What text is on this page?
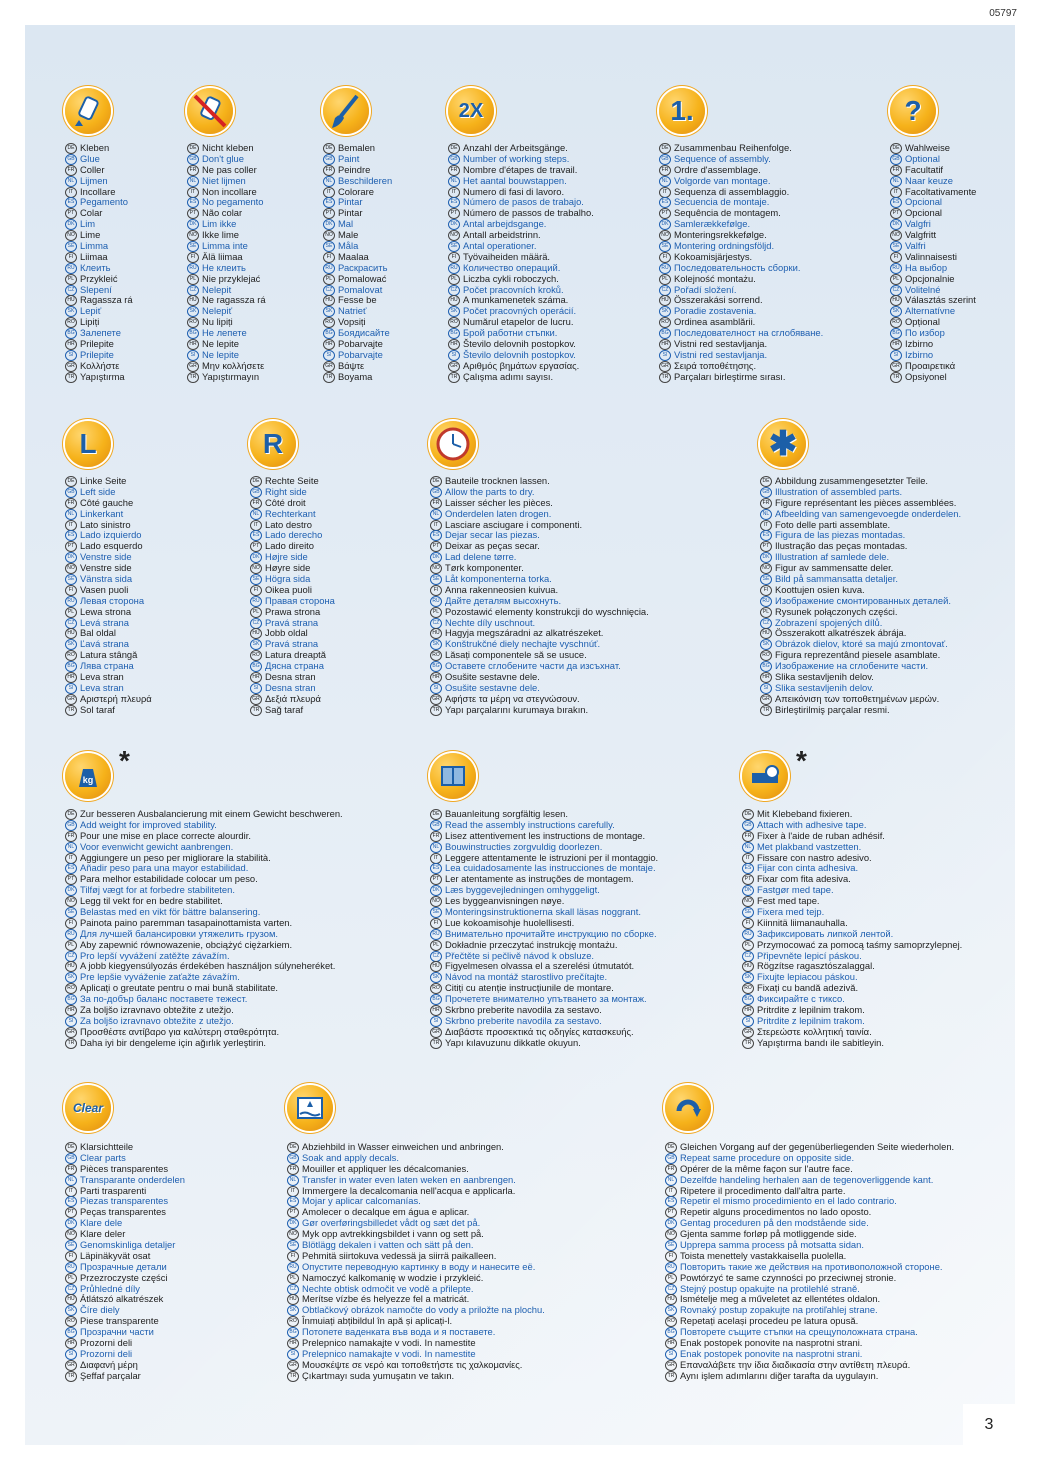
05797
3
DE Kleben
GB Glue
FR Coller
NL Lijmen
IT Incollare
ES Pegamento
PT Colar
DK Lim
NO Lime
SE Limma
FI Liimaa
RU Клеить
PL Przykleić
CZ Slepení
HU Ragassza rá
SK Lepiť
RO Lipiți
BG Залепете
HR Prilepite
SI Prilepite
GR Κολλήστε
TR Yapıştırma
DE Nicht kleben
GB Don't glue
FR Ne pas coller
NL Niet lijmen
IT Non incollare
ES No pegamento
PT Não colar
DK Lim ikke
NO Ikke lime
SE Limma inte
FI Älä liimaa
RU Не клеить
PL Nie przyklejać
CZ Nelepit
HU Ne ragassza rá
SK Nelepiť
RO Nu lipiți
BG Не лепете
HR Ne lepite
SI Ne lepite
GR Μην κολλήσετε
TR Yapıştırmayın
DE Bemalen
GB Paint
FR Peindre
NL Beschilderen
IT Colorare
ES Pintar
PT Pintar
DK Mal
NO Male
SE Måla
FI Maalaa
RU Раскрасить
PL Pomalować
CZ Pomalovat
HU Fesse be
SK Natrieť
RO Vopsiți
BG Боядисайте
HR Pobarvajte
SI Pobarvajte
GR Βάψτε
TR Boyama
2X
DE Anzahl der Arbeitsgänge.
GB Number of working steps.
FR Nombre d'étapes de travail.
NL Het aantal bouwstappen.
IT Numero di fasi di lavoro.
ES Número de pasos de trabajo.
PT Número de passos de trabalho.
DK Antal arbejdsgange.
NO Antall arbeidstrinn.
SE Antal operationer.
FI Työvaiheiden määrä.
RU Количество операций.
PL Liczba cykli roboczych.
CZ Počet pracovních kroků.
HU A munkamenetek száma.
SK Počet pracovných operácií.
RO Numărul etapelor de lucru.
BG Брой работни стъпки.
HR Število delovnih postopkov.
SI Število delovnih postopkov.
GR Αριθμός βημάτων εργασίας.
TR Çalışma adımı sayısı.
1.
DE Zusammenbau Reihenfolge.
GB Sequence of assembly.
FR Ordre d'assemblage.
NL Volgorde van montage.
IT Sequenza di assemblaggio.
ES Secuencia de montaje.
PT Sequência de montagem.
DK Samlerækkefølge.
NO Monteringsrekkefølge.
SE Montering ordningsföljd.
FI Kokoamisjärjestys.
RU Последовательность сборки.
PL Kolejność montażu.
CZ Pořadí složení.
HU Összerakási sorrend.
SK Poradie zostavenia.
RO Ordinea asamblării.
BG Последователност на сглобяване.
HR Vistni red sestavljanja.
SI Vistni red sestavljanja.
GR Σειρά τοποθέτησης.
TR Parçaları birleştirme sırası.
?
DE Wahlweise
GB Optional
FR Facultatif
NL Naar keuze
IT Facoltativamente
ES Opcional
PT Opcional
DK Valgfri
NO Valgfritt
SE Valfri
FI Valinnaisesti
RU На выбор
PL Opcjonalnie
CZ Volitelné
HU Választás szerint
SK Alternatívne
RO Opțional
BG По избор
HR Izbirno
SI Izbirno
GR Προαιρετικά
TR Opsiyonel
L
DE Linke Seite
GB Left side
FR Côté gauche
NL Linkerkant
IT Lato sinistro
ES Lado izquierdo
PT Lado esquerdo
DK Venstre side
NO Venstre side
SE Vänstra sida
FI Vasen puoli
RU Левая сторона
PL Lewa strona
CZ Levá strana
HU Bal oldal
SK Ľavá strana
RO Latura stângă
BG Лява страна
HR Leva stran
SI Leva stran
GR Αριστερή πλευρά
TR Sol taraf
R
DE Rechte Seite
GB Right side
FR Côté droit
NL Rechterkant
IT Lato destro
ES Lado derecho
PT Lado direito
DK Højre side
NO Høyre side
SE Högra sida
FI Oikea puoli
RU Правая сторона
PL Prawa strona
CZ Pravá strana
HU Jobb oldal
SK Pravá strana
RO Latura dreaptă
BG Дясна страна
HR Desna stran
SI Desna stran
GR Δεξιά πλευρά
TR Sağ taraf
DE Bauteile trocknen lassen.
GB Allow the parts to dry.
FR Laisser sécher les pièces.
NL Onderdelen laten drogen.
IT Lasciare asciugare i componenti.
ES Dejar secar las piezas.
PT Deixar as peças secar.
DK Lad delene tørre.
NO Tørk komponenter.
SE Låt komponenterna torka.
FI Anna rakenneosien kuivua.
RU Дайте деталям высохнуть.
PL Pozostawić elementy konstrukcji do wyschnięcia.
CZ Nechte díly uschnout.
HU Hagyja megszáradni az alkatrészeket.
SK Konštrukčné diely nechajte vyschnúť.
RO Lăsați componentele să se usuce.
BG Оставете сглобените части да изсъхнат.
HR Osušite sestavne dele.
SI Osušite sestavne dele.
GR Αφήστε τα μέρη να στεγνώσουν.
TR Yapı parçalarını kurumaya bırakın.
✱
DE Abbildung zusammengesetzter Teile.
GB Illustration of assembled parts.
FR Figure représentant les pièces assemblées.
NL Afbeelding van samengevoegde onderdelen.
IT Foto delle parti assemblate.
ES Figura de las piezas montadas.
PT Ilustração das peças montadas.
DK Illustration af samlede dele.
NO Figur av sammensatte deler.
SE Bild på sammansatta detaljer.
FI Koottujen osien kuva.
RU Изображение смонтированных деталей.
PL Rysunek połączonych części.
CZ Zobrazení spojených dílů.
HU Összerakott alkatrészek ábrája.
SK Obrázok dielov, ktoré sa majú zmontovať.
RO Figura reprezentând piesele asamblate.
BG Изображение на сглобените части.
HR Slika sestavljenih delov.
SI Slika sestavljenih delov.
GR Απεικόνιση των τοποθετημένων μερών.
TR Birleştirilmiş parçalar resmi.
kg
*
DE Zur besseren Ausbalancierung mit einem Gewicht beschweren.
GB Add weight for improved stability.
FR Pour une mise en place correcte alourdir.
NL Voor evenwicht gewicht aanbrengen.
IT Aggiungere un peso per migliorare la stabilità.
ES Añadir peso para una mayor estabilidad.
PT Para melhor estabilidade colocar um peso.
DK Tilføj vægt for at forbedre stabiliteten.
NO Legg til vekt for en bedre stabilitet.
SE Belastas med en vikt för bättre balansering.
FI Painota paino paremman tasapainottamista varten.
RU Для лучшей балансировки утяжелить грузом.
PL Aby zapewnić równowazenie, obciążyć ciężarkiem.
CZ Pro lepší vyvážení zatěžte závažím.
HU A jobb kiegyensúlyozás érdekében használjon súlyneheréket.
SK Pre lepšie vyváženie zaťažte závažím.
RO Aplicați o greutate pentru o mai bună stabilitate.
BG За по-добър баланс поставете тежест.
HR Za boljšo izravnavo obtežite z utežjo.
SI Za boljšo izravnavo obtežite z utežjo.
GR Προσθέστε αντίβαρο για καλύτερη σταθερότητα.
TR Daha iyi bir dengeleme için ağırlık yerleştirin.
DE Bauanleitung sorgfältig lesen.
GB Read the assembly instructions carefully.
FR Lisez attentivement les instructions de montage.
NL Bouwinstructies zorgvuldig doorlezen.
IT Leggere attentamente le istruzioni per il montaggio.
ES Lea cuidadosamente las instrucciones de montaje.
PT Ler atentamente as instruções de montagem.
DK Læs byggevejledningen omhyggeligt.
NO Les byggeanvisningen nøye.
SE Monteringsinstruktionerna skall läsas noggrant.
FI Lue kokoamisohje huolellisesti.
RU Внимательно прочитайте инструкцию по сборке.
PL Dokładnie przeczytać instrukcję montażu.
CZ Přečtěte si pečlivě návod k obsluze.
HU Figyelmesen olvassa el a szerelési útmutatót.
SK Návod na montáž starostlivo prečítajte.
RO Citiți cu atenție instrucțiunile de montare.
BG Прочетете внимателно упътването за монтаж.
HR Skrbno preberite navodila za sestavo.
SI Skrbno preberite navodila za sestavo.
GR Διαβάστε προσεκτικά τις οδηγίες κατασκευής.
TR Yapı kılavuzunu dikkatle okuyun.
*
DE Mit Klebeband fixieren.
GB Attach with adhesive tape.
FR Fixer à l'aide de ruban adhésif.
NL Met plakband vastzetten.
IT Fissare con nastro adesivo.
ES Fijar con cinta adhesiva.
PT Fixar com fita adesiva.
DK Fastgør med tape.
NO Fest med tape.
SE Fixera med tejp.
FI Kiinnitä liimanauhalla.
RU Зафиксировать липкой лентой.
PL Przymocować za pomocą taśmy samoprzylepnej.
CZ Připevněte lepicí páskou.
HU Rögzítse ragasztószalaggal.
SK Fixujte lepiacou páskou.
RO Fixați cu bandă adezivă.
BG Фиксирайте с тиксо.
HR Pritrdite z lepilnim trakom.
SI Pritrdite z lepilnim trakom.
GR Στερεώστε κολλητική ταινία.
TR Yapıştırma bandı ile sabitleyin.
Clear
DE Klarsichtteile
GB Clear parts
FR Pièces transparentes
NL Transparante onderdelen
IT Parti trasparenti
ES Piezas transparentes
PT Peças transparentes
DK Klare dele
NO Klare deler
SE Genomskinliga detaljer
FI Läpinäkyvät osat
RU Прозрачные детали
PL Przezroczyste części
CZ Průhledné díly
HU Átlátszó alkatrészek
SK Číre diely
RO Piese transparente
BG Прозрачни части
HR Prozorni deli
SI Prozorni deli
GR Διαφανή μέρη
TR Şeffaf parçalar
DE Abziehbild in Wasser einweichen und anbringen.
GB Soak and apply decals.
FR Mouiller et appliquer les décalcomanies.
NL Transfer in water even laten weken en aanbrengen.
IT Immergere la decalcomania nell'acqua e applicarla.
ES Mojar y aplicar calcomanías.
PT Amolecer o decalque em água e aplicar.
DK Gør overføringsbilledet vådt og sæt det på.
NO Myk opp avtrekkingsbildet i vann og sett på.
SE Blötlägg dekalen i vatten och sätt på den.
FI Pehmitä siirtokuva vedessä ja siirrä paikalleen.
RU Опустите переводную картинку в воду и нанесите её.
PL Namoczyć kalkomanię w wodzie i przykleić.
CZ Nechte obtisk odmočit ve vodě a přilepte.
HU Merítse vízbe és helyezze fel a matricát.
SK Obtlačkový obrázok namočte do vody a priložte na plochu.
RO Înmuiați abțibildul în apă și aplicați-l.
BG Потопете ваденката във вода и я поставете.
HR Prelepnico namakajte v vodi. In namestite
SI Prelepnico namakajte v vodi. In namestite
GR Μουσκέψτε σε νερό και τοποθετήστε τις χαλκομανίες.
TR Çıkartmayı suda yumuşatın ve takın.
DE Gleichen Vorgang auf der gegenüberliegenden Seite wiederholen.
GB Repeat same procedure on opposite side.
FR Opérer de la même façon sur l'autre face.
NL Dezelfde handeling herhalen aan de tegenoverliggende kant.
IT Ripetere il procedimento dall'altra parte.
ES Repetir el mismo procedimiento en el lado contrario.
PT Repetir alguns procedimentos no lado oposto.
DK Gentag proceduren på den modstående side.
NO Gjenta samme forløp på motliggende side.
SE Upprepa samma process på motsatta sidan.
FI Toista menettely vastakkaisella puolella.
RU Повторить такие же действия на противоположной стороне.
PL Powtórzyć te same czynności po przeciwnej stronie.
CZ Stejný postup opakujte na protilehlé straně.
HU Ismételje meg a műveletet az ellentétes oldalon.
SK Rovnaký postup zopakujte na protiľahlej strane.
RO Repetați același procedeu pe latura opusă.
BG Повторете същите стъпки на срещуположната страна.
HR Enak postopek ponovite na nasprotni strani.
SI Enak postopek ponovite na nasprotni strani.
GR Επαναλάβετε την ίδια διαδικασία στην αντίθετη πλευρά.
TR Aynı işlem adımlarını diğer tarafta da uygulayın.
